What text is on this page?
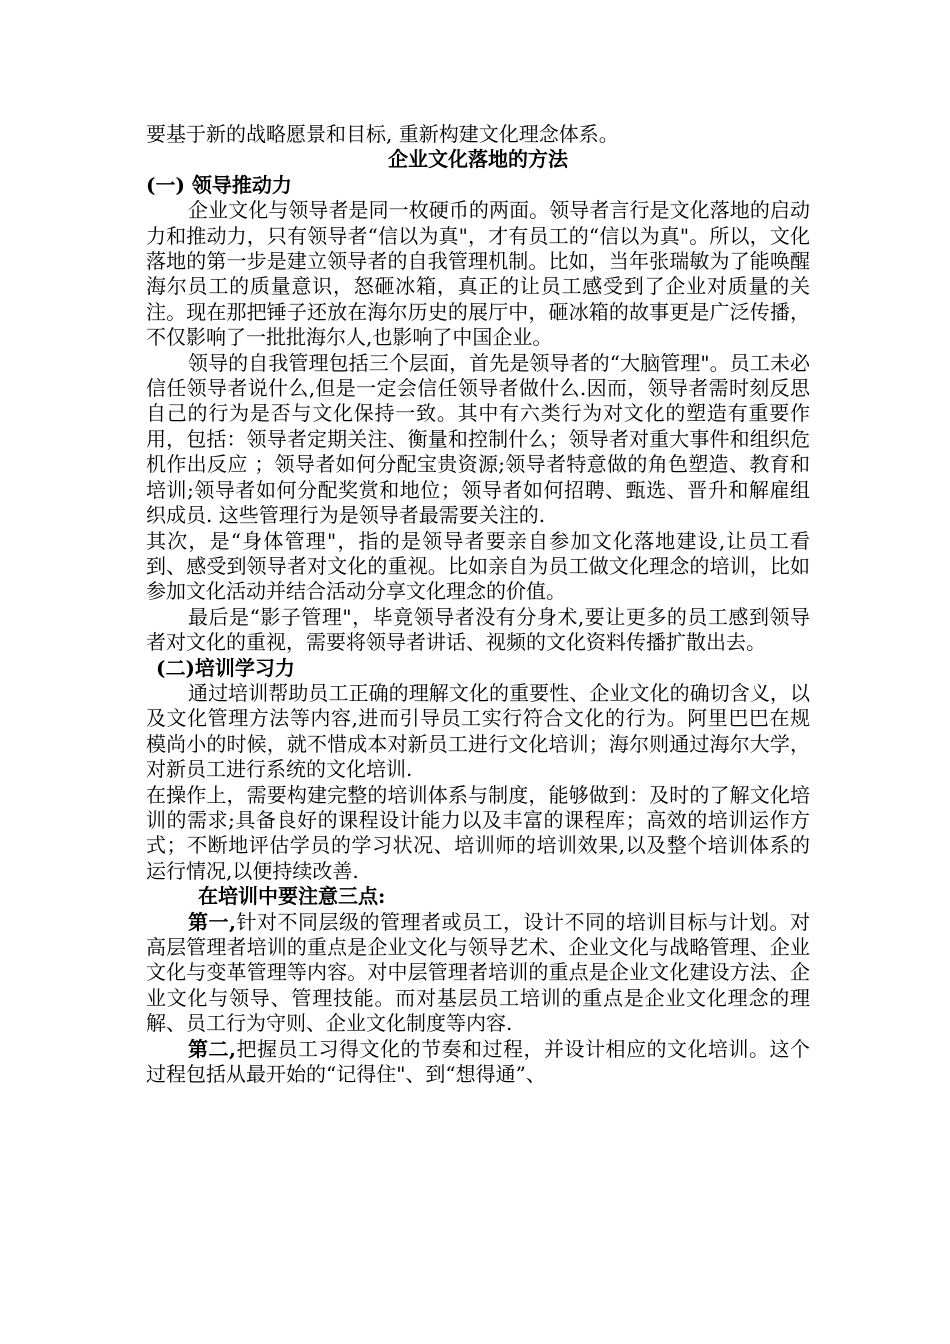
要基于新的战略愿景和目标, 重新构建文化理念体系。

企业文化落地的方法

(一) 领导推动力

企业文化与领导者是同一枚硬币的两面。领导者言行是文化落地的启动力和推动力，只有领导者“信以为真"，才有员工的“信以为真"。所以，文化落地的第一步是建立领导者的自我管理机制。比如，当年张瑞敏为了能唤醒海尔员工的质量意识，怒砸冰箱，真正的让员工感受到了企业对质量的关注。现在那把锤子还放在海尔历史的展厅中，砸冰箱的故事更是广泛传播，不仅影响了一批批海尔人,也影响了中国企业。

领导的自我管理包括三个层面，首先是领导者的“大脑管理"。员工未必信任领导者说什么,但是一定会信任领导者做什么.因而，领导者需时刻反思自己的行为是否与文化保持一致。其中有六类行为对文化的塑造有重要作用，包括：领导者定期关注、衡量和控制什么；领导者对重大事件和组织危机作出反应 ；领导者如何分配宝贵资源;领导者特意做的角色塑造、教育和培训;领导者如何分配奖赏和地位；领导者如何招聘、甄选、晋升和解雇组织成员. 这些管理行为是领导者最需要关注的.

其次，是“身体管理"，指的是领导者要亲自参加文化落地建设,让员工看到、感受到领导者对文化的重视。比如亲自为员工做文化理念的培训，比如参加文化活动并结合活动分享文化理念的价值。

最后是“影子管理"，毕竟领导者没有分身术,要让更多的员工感到领导者对文化的重视，需要将领导者讲话、视频的文化资料传播扩散出去。

(二)培训学习力

通过培训帮助员工正确的理解文化的重要性、企业文化的确切含义，以及文化管理方法等内容,进而引导员工实行符合文化的行为。阿里巴巴在规模尚小的时候，就不惜成本对新员工进行文化培训；海尔则通过海尔大学，对新员工进行系统的文化培训.

在操作上，需要构建完整的培训体系与制度，能够做到：及时的了解文化培训的需求;具备良好的课程设计能力以及丰富的课程库；高效的培训运作方式；不断地评估学员的学习状况、培训师的培训效果,以及整个培训体系的运行情况,以便持续改善.

在培训中要注意三点:

第一,针对不同层级的管理者或员工，设计不同的培训目标与计划。对高层管理者培训的重点是企业文化与领导艺术、企业文化与战略管理、企业文化与变革管理等内容。对中层管理者培训的重点是企业文化建设方法、企业文化与领导、管理技能。而对基层员工培训的重点是企业文化理念的理解、员工行为守则、企业文化制度等内容.

第二,把握员工习得文化的节奏和过程，并设计相应的文化培训。这个过程包括从最开始的“记得住"、到“想得通”、
